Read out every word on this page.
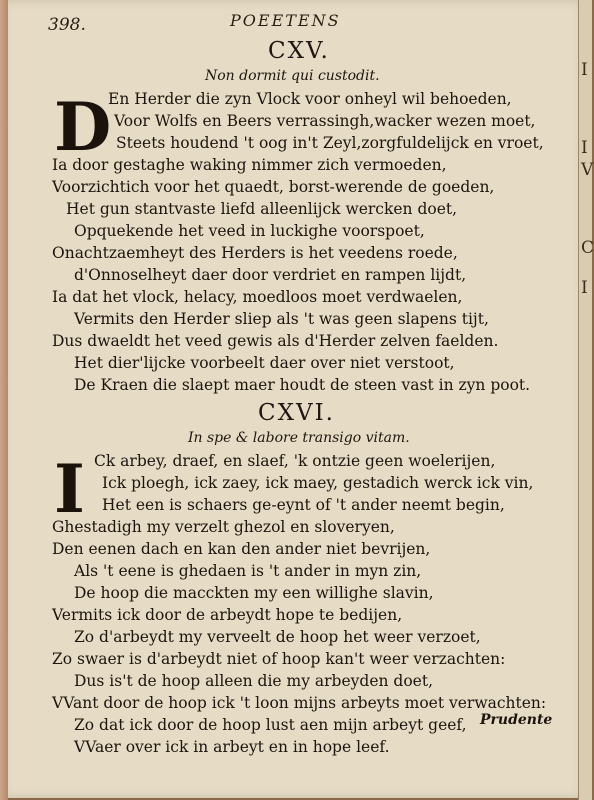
I
I
V
C
I
398.	POEETENS
CXV.
Non dormit qui custodit.
D
En Herder die zyn Vlock voor onheyl wil behoeden,
Voor Wolfs en Beers verrassingh,wacker wezen moet,
Steets houdend 't oog in't Zeyl,zorgfuldelijck en vroet,
Ia door gestaghe waking nimmer zich vermoeden,
Voorzichtich voor het quaedt, borst-werende de goeden,
Het gun stantvaste liefd alleenlijck wercken doet,
Opquekende het veed in luckighe voorspoet,
Onachtzaemheyt des Herders is het veedens roede,
d'Onnoselheyt daer door verdriet en rampen lijdt,
Ia dat het vlock, helacy, moedloos moet verdwaelen,
Vermits den Herder sliep als 't was geen slapens tijt,
Dus dwaeldt het veed gewis als d'Herder zelven faelden.
Het dier'lijcke voorbeelt daer over niet verstoot,
De Kraen die slaept maer houdt de steen vast in zyn poot.
CXVI.
In spe & labore transigo vitam.
I Ck arbey, draef, en slaef, 'k ontzie geen woelerijen,
Ick ploegh, ick zaey, ick maey, gestadich werck ick vin,
Het een is schaers ge-eynt of 't ander neemt begin,
Ghestadigh my verzelt ghezol en sloveryen,
Den eenen dach en kan den ander niet bevrijen,
Als 't eene is ghedaen is 't ander in myn zin,
De hoop die macckten my een willighe slavin,
Vermits ick door de arbeydt hope te bedijen,
Zo d'arbeydt my verveelt de hoop het weer verzoet,
Zo swaer is d'arbeydt niet of hoop kan't weer verzachten:
Dus is't de hoop alleen die my arbeyden doet,
VVant door de hoop ick 't loon mijns arbeyts moet verwachten:
Zo dat ick door de hoop lust aen mijn arbeyt geef,
VVaer over ick in arbeyt en in hope leef.
Prudente
